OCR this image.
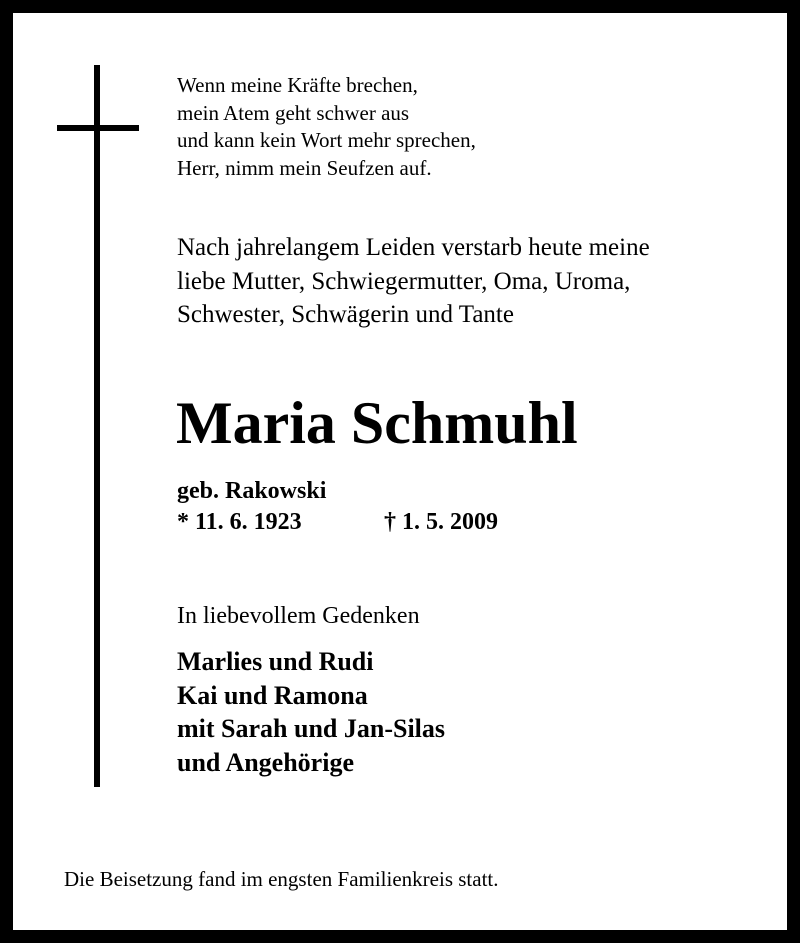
Wenn meine Kräfte brechen,
mein Atem geht schwer aus
und kann kein Wort mehr sprechen,
Herr, nimm mein Seufzen auf.
Nach jahrelangem Leiden verstarb heute meine
liebe Mutter, Schwiegermutter, Oma, Uroma,
Schwester, Schwägerin und Tante
Maria Schmuhl
geb. Rakowski
* 11. 6. 1923	† 1. 5. 2009
In liebevollem Gedenken
Marlies und Rudi
Kai und Ramona
mit Sarah und Jan-Silas
und Angehörige
Die Beisetzung fand im engsten Familienkreis statt.
